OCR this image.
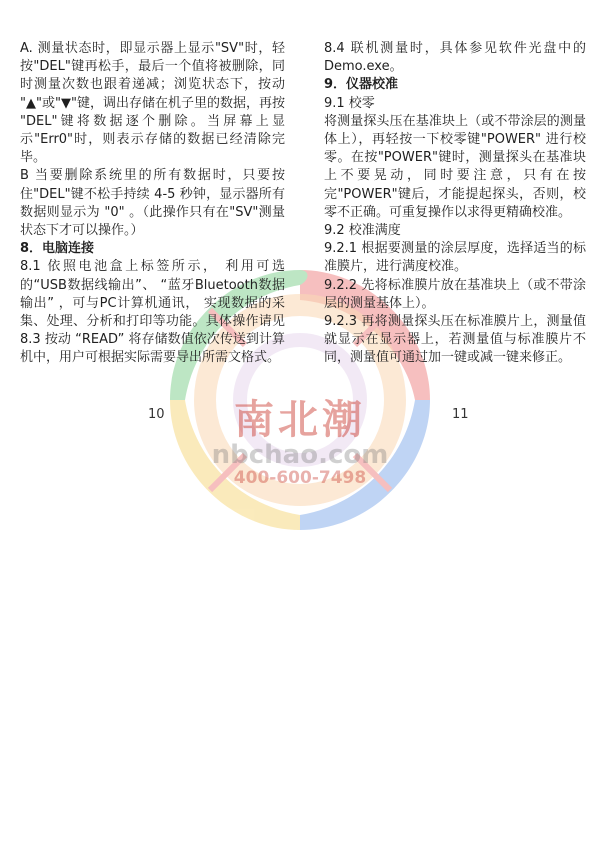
南北潮
nbchao.com
400-600-7498

A. 测量状态时，即显示器上显示"SV"时，轻按"DEL"键再松手，最后一个值将被删除，同时测量次数也跟着递减；浏览状态下，按动 "▲"或"▼"键，调出存储在机子里的数据，再按 "DEL"键将数据逐个删除。当屏幕上显示"Err0"时，则表示存储的数据已经清除完毕。

B 当要删除系统里的所有数据时，只要按住"DEL"键不松手持续 4-5 秒钟，显示器所有数据则显示为 "0" 。（此操作只有在"SV"测量状态下才可以操作。）

8．电脑连接

8.1 依照电池盒上标签所示， 利用可选的“USB数据线输出”、 “蓝牙Bluetooth数据输出” ，可与PC计算机通讯， 实现数据的采集、处理、分析和打印等功能。具体操作请见8.3 按动 “READ” 将存储数值依次传送到计算机中，用户可根据实际需要导出所需文格式。

8.4 联机测量时，具体参见软件光盘中的Demo.exe。

9．仪器校准

9.1 校零

将测量探头压在基准块上（或不带涂层的测量体上），再轻按一下校零键"POWER" 进行校零。在按"POWER"键时，测量探头在基准块上不要晃动，同时要注意，只有在按完"POWER"键后，才能提起探头，否则，校零不正确。可重复操作以求得更精确校准。

9.2 校准满度

9.2.1 根据要测量的涂层厚度，选择适当的标准膜片，进行满度校准。

9.2.2 先将标准膜片放在基准块上（或不带涂层的测量基体上）。

9.2.3 再将测量探头压在标准膜片上，测量值就显示在显示器上，若测量值与标准膜片不同，测量值可通过加一键或减一键来修正。

10	11
